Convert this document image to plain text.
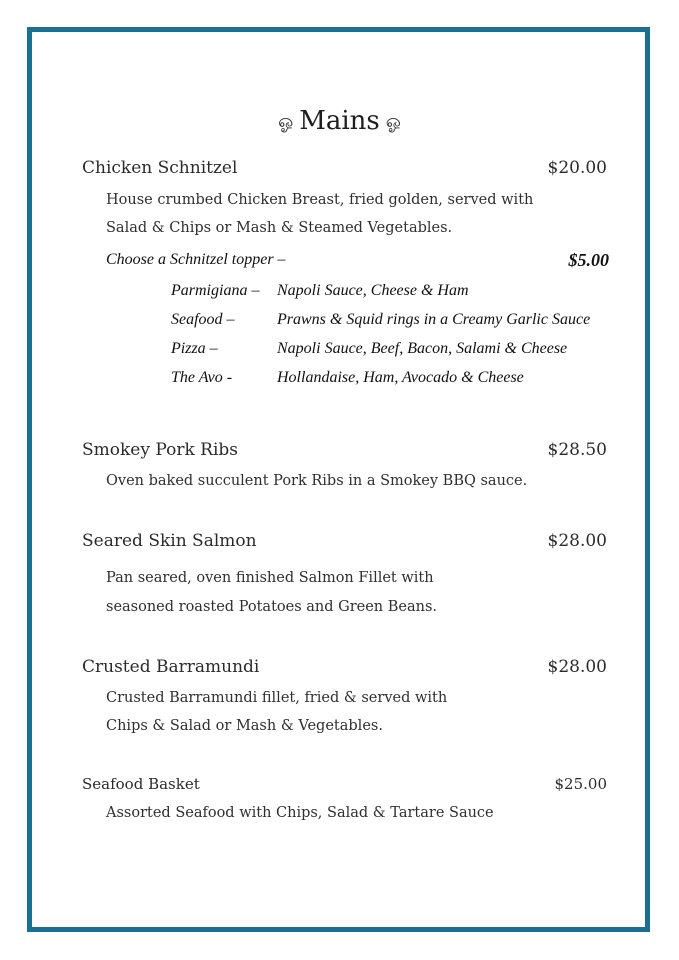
ஓ Mains ஓ
Chicken Schnitzel	$20.00
House crumbed Chicken Breast, fried golden, served with
Salad & Chips or Mash & Steamed Vegetables.
Choose a Schnitzel topper –	$5.00
Parmigiana – Napoli Sauce, Cheese & Ham
Seafood –	Prawns & Squid rings in a Creamy Garlic Sauce
Pizza –	Napoli Sauce, Beef, Bacon, Salami & Cheese
The Avo -	Hollandaise, Ham, Avocado & Cheese
Smokey Pork Ribs	$28.50
Oven baked succulent Pork Ribs in a Smokey BBQ sauce.
Seared Skin Salmon	$28.00
Pan seared, oven finished Salmon Fillet with
seasoned roasted Potatoes and Green Beans.
Crusted Barramundi	$28.00
Crusted Barramundi fillet, fried & served with
Chips & Salad or Mash & Vegetables.
Seafood Basket	$25.00
Assorted Seafood with Chips, Salad & Tartare Sauce
